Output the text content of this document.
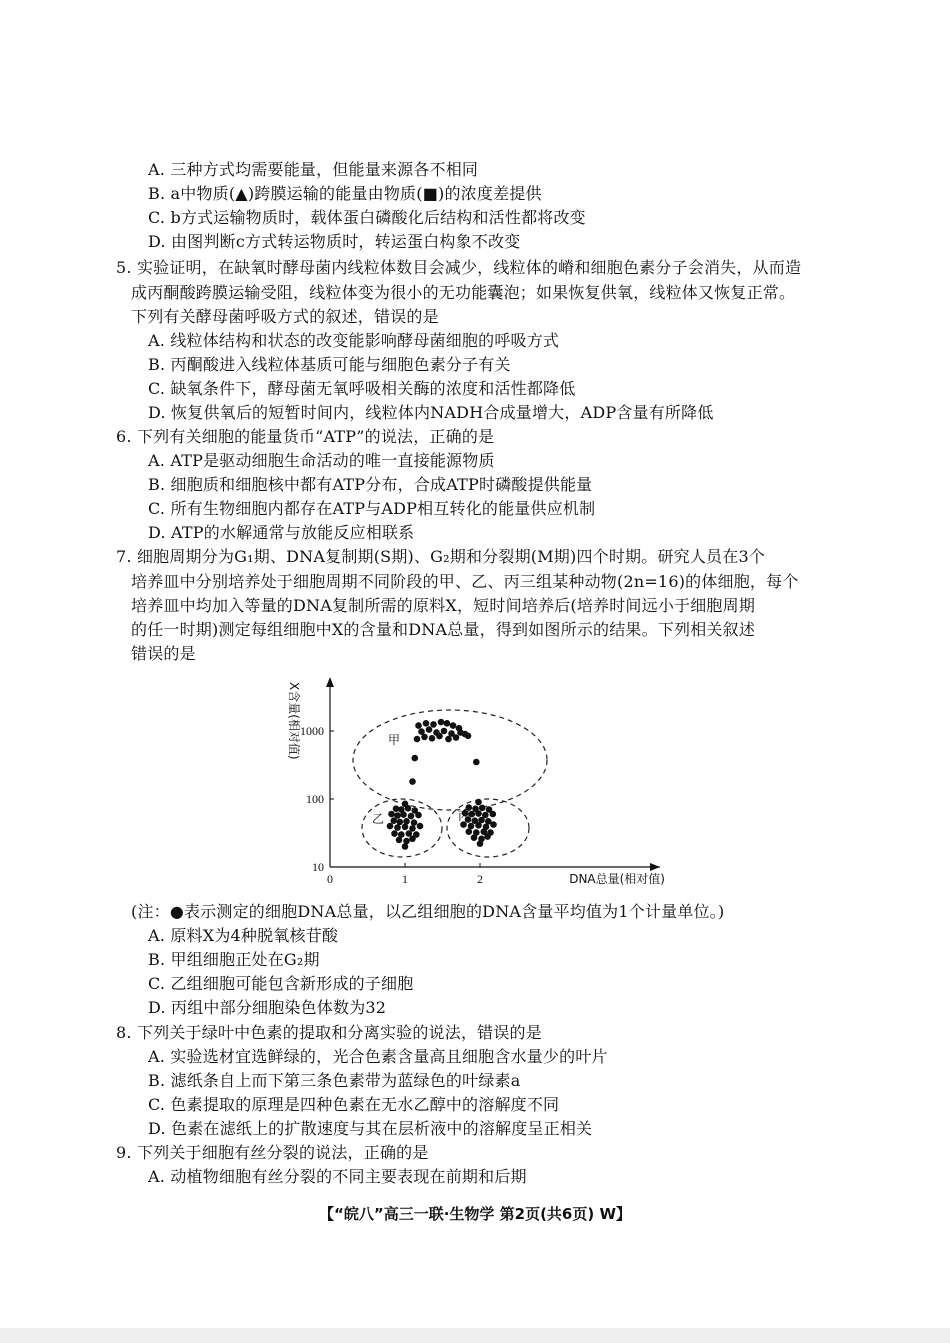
A. 三种方式均需要能量，但能量来源各不相同
B. a中物质(▲)跨膜运输的能量由物质(■)的浓度差提供
C. b方式运输物质时，载体蛋白磷酸化后结构和活性都将改变
D. 由图判断c方式转运物质时，转运蛋白构象不改变
5. 实验证明，在缺氧时酵母菌内线粒体数目会减少，线粒体的嵴和细胞色素分子会消失，从而造
成丙酮酸跨膜运输受阻，线粒体变为很小的无功能囊泡；如果恢复供氧，线粒体又恢复正常。
下列有关酵母菌呼吸方式的叙述，错误的是
A. 线粒体结构和状态的改变能影响酵母菌细胞的呼吸方式
B. 丙酮酸进入线粒体基质可能与细胞色素分子有关
C. 缺氧条件下，酵母菌无氧呼吸相关酶的浓度和活性都降低
D. 恢复供氧后的短暂时间内，线粒体内NADH合成量增大，ADP含量有所降低
6. 下列有关细胞的能量货币“ATP”的说法，正确的是
A. ATP是驱动细胞生命活动的唯一直接能源物质
B. 细胞质和细胞核中都有ATP分布，合成ATP时磷酸提供能量
C. 所有生物细胞内都存在ATP与ADP相互转化的能量供应机制
D. ATP的水解通常与放能反应相联系
7. 细胞周期分为G₁期、DNA复制期(S期)、G₂期和分裂期(M期)四个时期。研究人员在3个
培养皿中分别培养处于细胞周期不同阶段的甲、乙、丙三组某种动物(2n=16)的体细胞，每个
培养皿中均加入等量的DNA复制所需的原料X，短时间培养后(培养时间远小于细胞周期
的任一时期)测定每组细胞中X的含量和DNA总量，得到如图所示的结果。下列相关叙述
错误的是
10
100
1000
0	1	2	DNA总量(相对值)
X含量(相对值)	甲
乙	丙
(注：●表示测定的细胞DNA总量，以乙组细胞的DNA含量平均值为1个计量单位。)
A. 原料X为4种脱氧核苷酸
B. 甲组细胞正处在G₂期
C. 乙组细胞可能包含新形成的子细胞
D. 丙组中部分细胞染色体数为32
8. 下列关于绿叶中色素的提取和分离实验的说法，错误的是
A. 实验选材宜选鲜绿的，光合色素含量高且细胞含水量少的叶片
B. 滤纸条自上而下第三条色素带为蓝绿色的叶绿素a
C. 色素提取的原理是四种色素在无水乙醇中的溶解度不同
D. 色素在滤纸上的扩散速度与其在层析液中的溶解度呈正相关
9. 下列关于细胞有丝分裂的说法，正确的是
A. 动植物细胞有丝分裂的不同主要表现在前期和后期
【“皖八”高三一联·生物学 第2页(共6页) W】
